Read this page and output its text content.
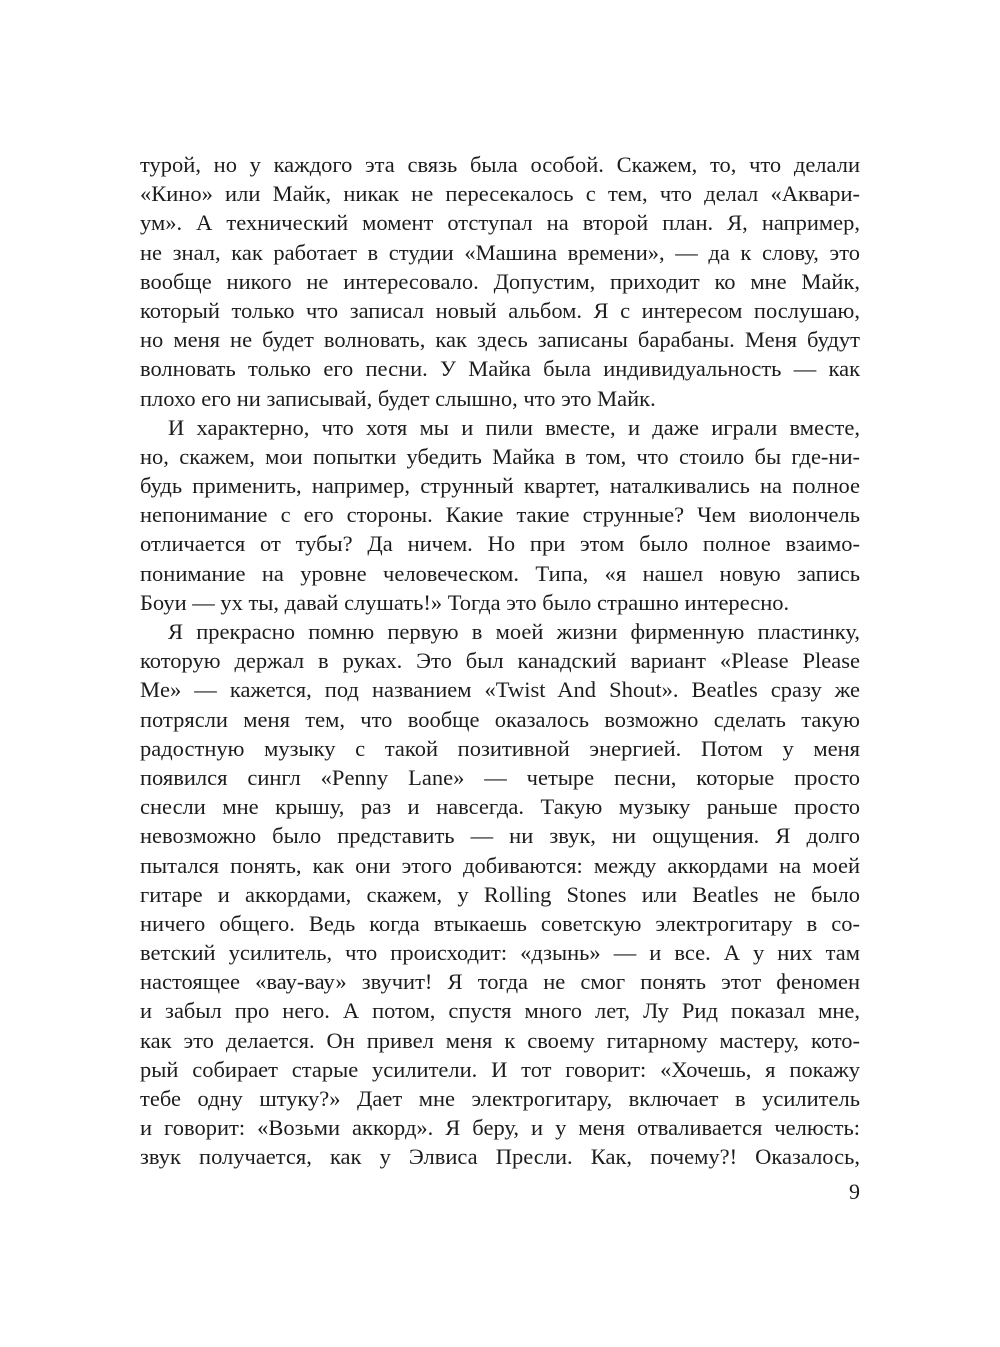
турой, но у каждого эта связь была особой. Скажем, то, что делали
«Кино» или Майк, никак не пересекалось с тем, что делал «Аквари-
ум». А технический момент отступал на второй план. Я, например,
не знал, как работает в студии «Машина времени», — да к слову, это
вообще никого не интересовало. Допустим, приходит ко мне Майк,
который только что записал новый альбом. Я с интересом послушаю,
но меня не будет волновать, как здесь записаны барабаны. Меня будут
волновать только его песни. У Майка была индивидуальность — как
плохо его ни записывай, будет слышно, что это Майк.
И характерно, что хотя мы и пили вместе, и даже играли вместе,
но, скажем, мои попытки убедить Майка в том, что стоило бы где-ни-
будь применить, например, струнный квартет, наталкивались на полное
непонимание с его стороны. Какие такие струнные? Чем виолончель
отличается от тубы? Да ничем. Но при этом было полное взаимо-
понимание на уровне человеческом. Типа, «я нашел новую запись
Боуи — ух ты, давай слушать!» Тогда это было страшно интересно.
Я прекрасно помню первую в моей жизни фирменную пластинку,
которую держал в руках. Это был канадский вариант «Please Please
Me» — кажется, под названием «Twist And Shout». Beatles сразу же
потрясли меня тем, что вообще оказалось возможно сделать такую
радостную музыку с такой позитивной энергией. Потом у меня
появился сингл «Penny Lane» — четыре песни, которые просто
снесли мне крышу, раз и навсегда. Такую музыку раньше просто
невозможно было представить — ни звук, ни ощущения. Я долго
пытался понять, как они этого добиваются: между аккордами на моей
гитаре и аккордами, скажем, у Rolling Stones или Beatles не было
ничего общего. Ведь когда втыкаешь советскую электрогитару в со-
ветский усилитель, что происходит: «дзынь» — и все. А у них там
настоящее «вау-вау» звучит! Я тогда не смог понять этот феномен
и забыл про него. А потом, спустя много лет, Лу Рид показал мне,
как это делается. Он привел меня к своему гитарному мастеру, кото-
рый собирает старые усилители. И тот говорит: «Хочешь, я покажу
тебе одну штуку?» Дает мне электрогитару, включает в усилитель
и говорит: «Возьми аккорд». Я беру, и у меня отваливается челюсть:
звук получается, как у Элвиса Пресли. Как, почему?! Оказалось,
9
